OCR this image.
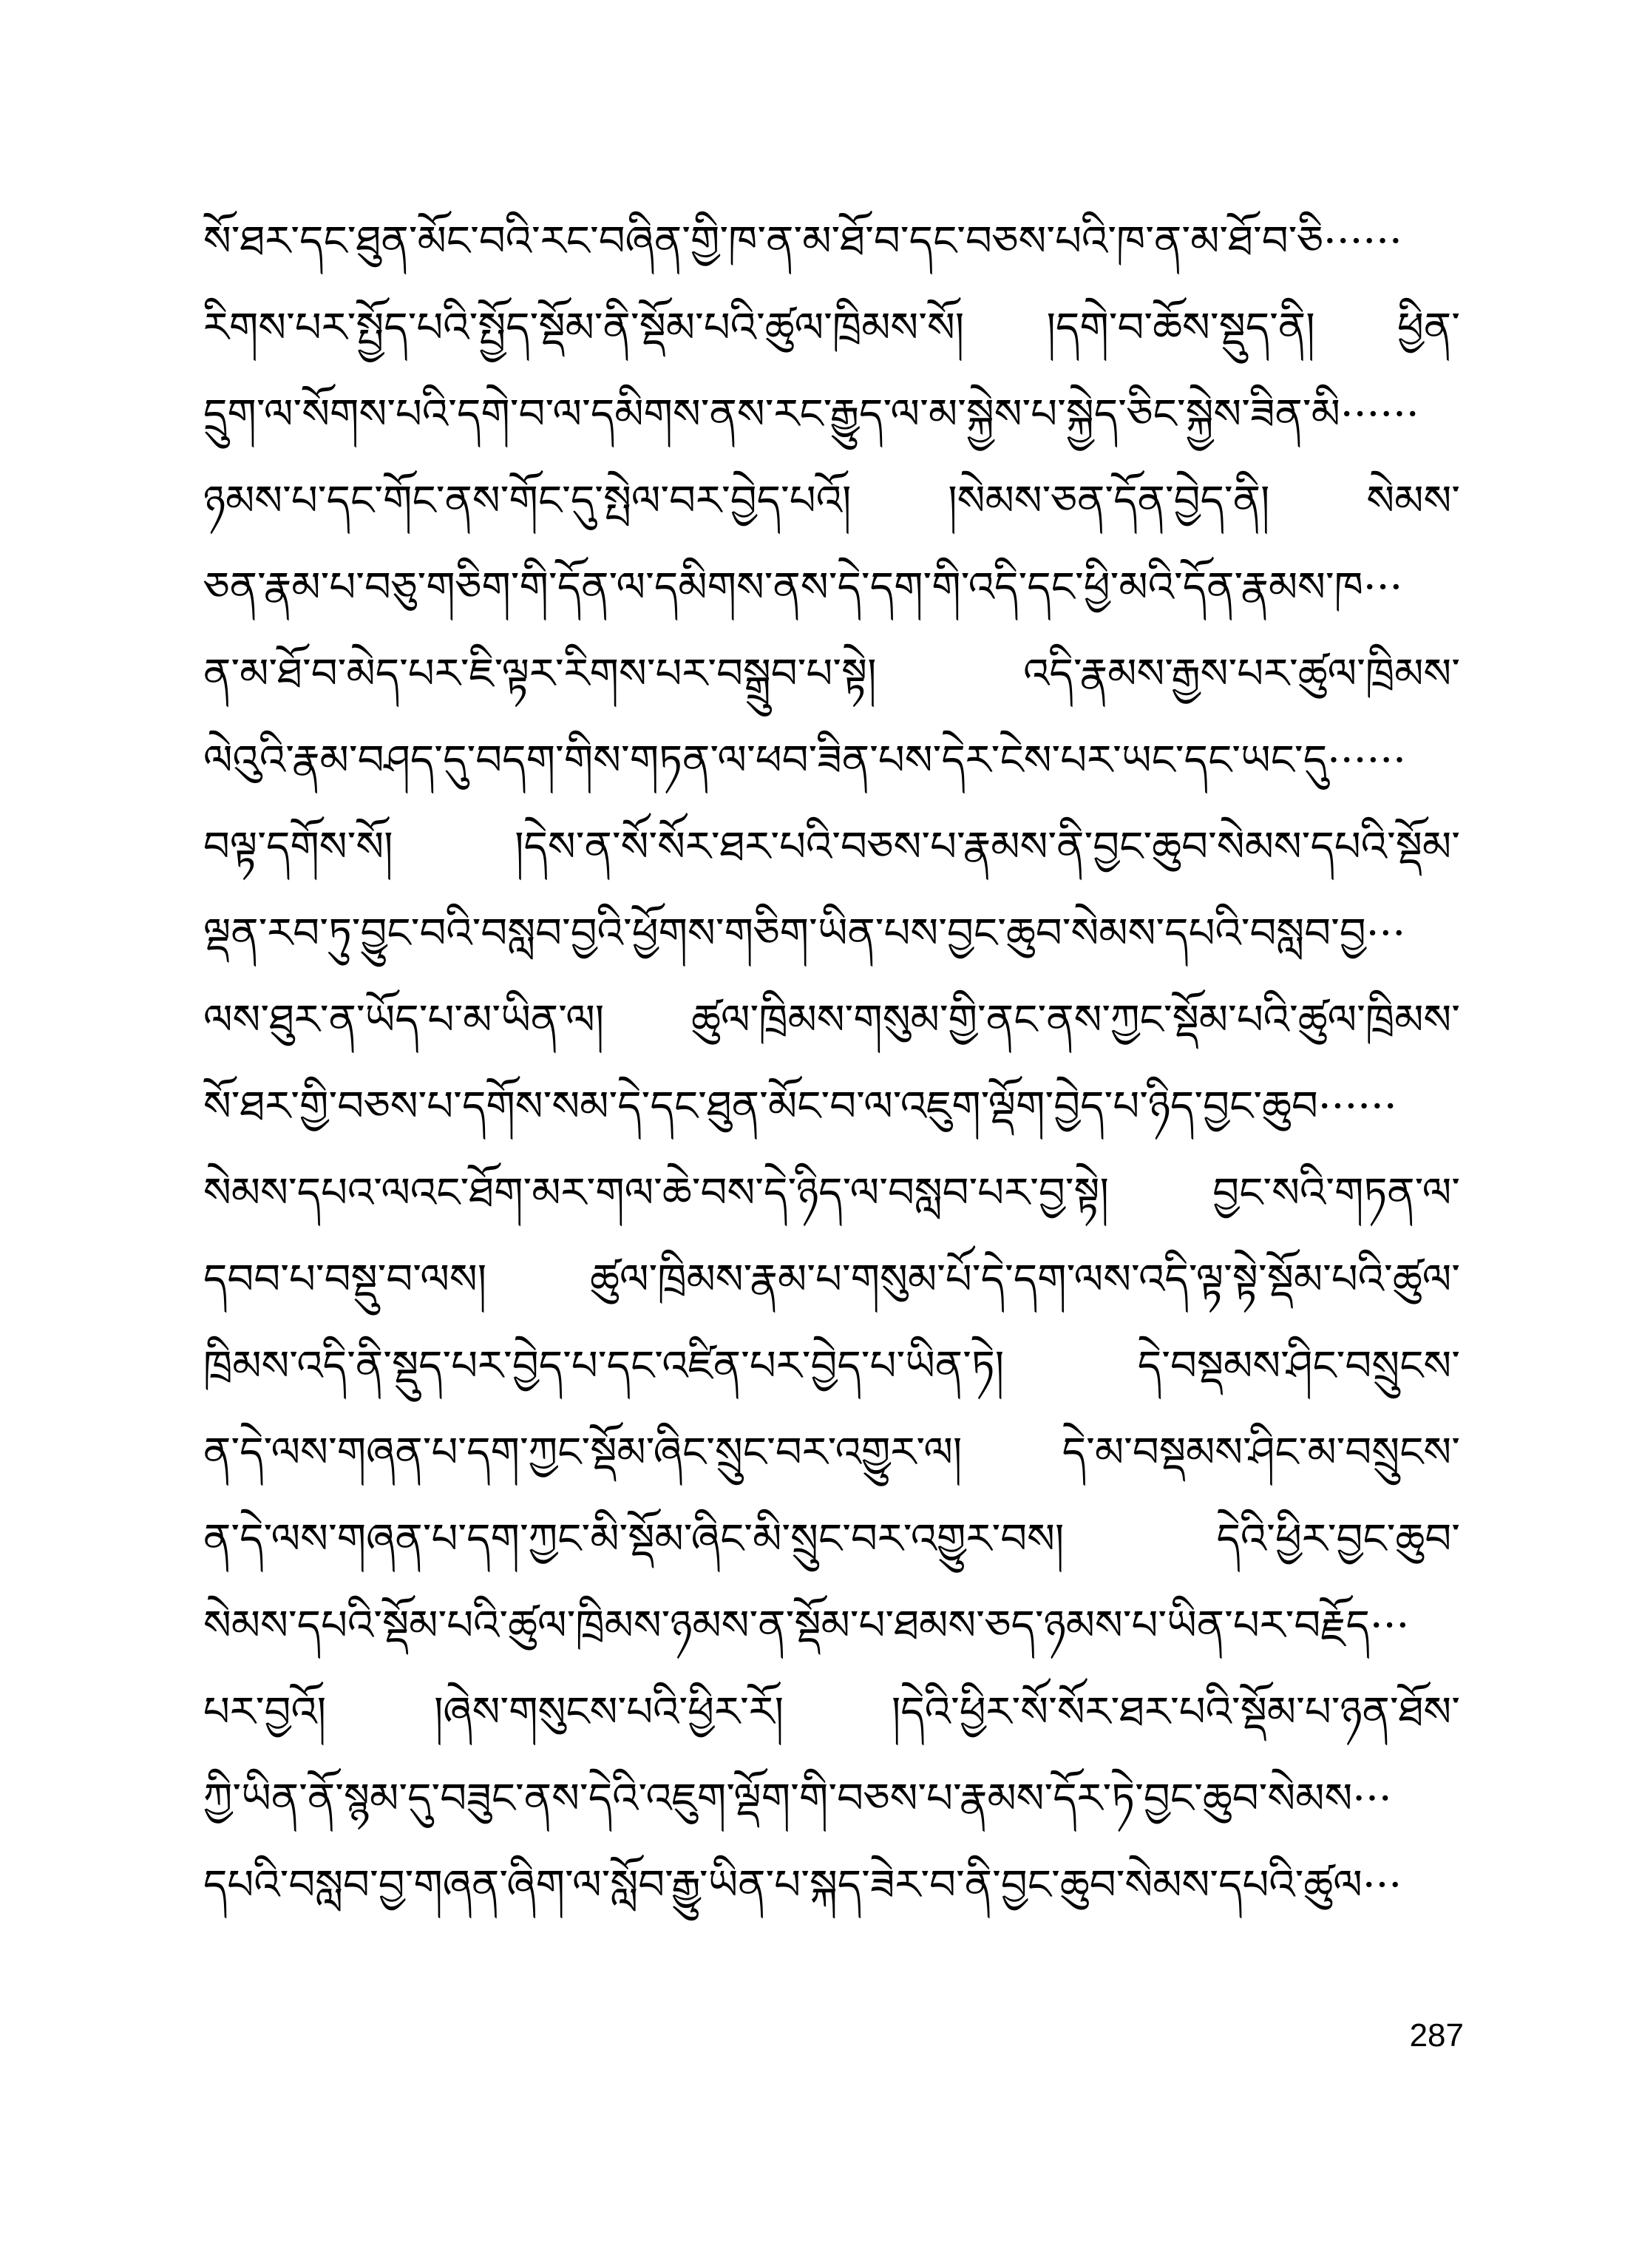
སོ་ཐར་དང་ཐུན་མོང་བའི་རང་བཞིན་གྱི་ཁ་ན་མ་ཐོ་བ་དང་བཅས་པའི་ཁ་ན་མ་ཐོ་བ་ཅི······
རིགས་པར་སྤྱོད་པའི་སྤྱོད་སྡོམ་ནི་སྡོམ་པའི་ཚུལ་ཁྲིམས་སོ། །དགེ་བ་ཆོས་སྡུད་ནི། ཕྱིན་
དྲུག་ལ་སོགས་པའི་དགེ་བ་ལ་དམིགས་ནས་རང་རྒྱུད་ལ་མ་སྐྱེས་པ་སྐྱེད་ཅིང་སྐྱེས་ཟིན་མི······
ཉམས་པ་དང་གོང་ནས་གོང་དུ་སྤེལ་བར་བྱེད་པའོ། །སེམས་ཅན་དོན་བྱེད་ནི། སེམས་
ཅན་རྣམ་པ་བཅུ་གཅིག་གི་དོན་ལ་དམིགས་ནས་དེ་དག་གི་འདི་དང་ཕྱི་མའི་དོན་རྣམས་ཁ···
ན་མ་ཐོ་བ་མེད་པར་ཇི་ལྟར་རིགས་པར་བསྒྲུབ་པ་སྟེ། འདི་རྣམས་རྒྱས་པར་ཚུལ་ཁྲིམས་
ལེའུའི་རྣམ་བཤད་དུ་བདག་གིས་གཏན་ལ་ཕབ་ཟིན་པས་དེར་ངེས་པར་ཡང་དང་ཡང་དུ······
བལྟ་དགོས་སོ། །དེས་ན་སོ་སོར་ཐར་པའི་བཅས་པ་རྣམས་ནི་བྱང་ཆུབ་སེམས་དཔའི་སྡོམ་
ལྡན་རབ་ཏུ་བྱུང་བའི་བསླབ་བྱའི་ཕྱོགས་གཅིག་ཡིན་པས་བྱང་ཆུབ་སེམས་དཔའི་བསླབ་བྱ···
ལས་ཐུར་ན་ཡོད་པ་མ་ཡིན་ལ། ཚུལ་ཁྲིམས་གསུམ་གྱི་ནང་ནས་ཀྱང་སྡོམ་པའི་ཚུལ་ཁྲིམས་
སོ་ཐར་གྱི་བཅས་པ་དགོས་སམ་དེ་དང་ཐུན་མོང་བ་ལ་འཇུག་ལྡོག་བྱེད་པ་ཉིད་བྱང་ཆུབ······
སེམས་དཔའ་ལའང་ཐོག་མར་གལ་ཆེ་བས་དེ་ཉིད་ལ་བསླབ་པར་བྱ་སྟེ། བྱང་སའི་གཏན་ལ་
དབབ་པ་བསྡུ་བ་ལས། ཚུལ་ཁྲིམས་རྣམ་པ་གསུམ་པོ་དེ་དག་ལས་འདི་ལྟ་སྟེ་སྡོམ་པའི་ཚུལ་
ཁྲིམས་འདི་ནི་སྡུད་པར་བྱེད་པ་དང་འཛིན་པར་བྱེད་པ་ཡིན་ཏེ། དེ་བསྡམས་ཤིང་བསྲུངས་
ན་དེ་ལས་གཞན་པ་དག་ཀྱང་སྡོམ་ཞིང་སྲུང་བར་འགྱུར་ལ། དེ་མ་བསྡམས་ཤིང་མ་བསྲུངས་
ན་དེ་ལས་གཞན་པ་དག་ཀྱང་མི་སྡོམ་ཞིང་མི་སྲུང་བར་འགྱུར་བས། དེའི་ཕྱིར་བྱང་ཆུབ་
སེམས་དཔའི་སྡོམ་པའི་ཚུལ་ཁྲིམས་ཉམས་ན་སྡོམ་པ་ཐམས་ཅད་ཉམས་པ་ཡིན་པར་བརྗོད···
པར་བྱའོ། །ཞེས་གསུངས་པའི་ཕྱིར་རོ། །དེའི་ཕྱིར་སོ་སོར་ཐར་པའི་སྡོམ་པ་ཉན་ཐོས་
ཀྱི་ཡིན་ནོ་སྙམ་དུ་བཟུང་ནས་དེའི་འཇུག་ལྡོག་གི་བཅས་པ་རྣམས་དོར་ཏེ་བྱང་ཆུབ་སེམས···
དཔའི་བསླབ་བྱ་གཞན་ཞིག་ལ་སློབ་རྒྱུ་ཡིན་པ་སྐད་ཟེར་བ་ནི་བྱང་ཆུབ་སེམས་དཔའི་ཚུལ···
287
